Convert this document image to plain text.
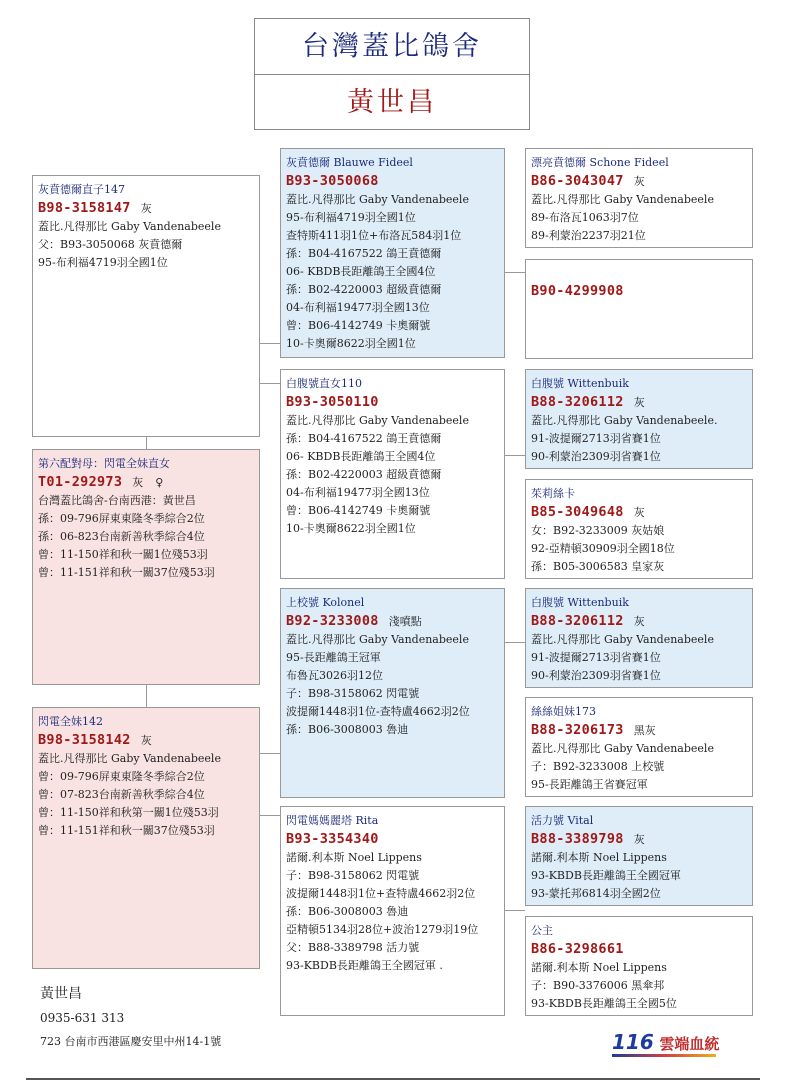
台灣蓋比鴿舍
黃世昌
灰賁德爾直子147
B98-3158147 灰
蓋比.凡得那比 Gaby Vandenabeele
父：B93-3050068 灰賁德爾
95-布利福4719羽全國1位
第六配對母：閃電全妹直女
T01-292973 灰 ♀
台灣蓋比鴿舍-台南西港：黃世昌
孫：09-796屏東東隆冬季綜合2位
孫：06-823台南新善秋季綜合4位
曾：11-150祥和秋一關1位殘53羽
曾：11-151祥和秋一關37位殘53羽
閃電全妹142
B98-3158142 灰
蓋比.凡得那比 Gaby Vandenabeele
曾：09-796屏東東隆冬季綜合2位
曾：07-823台南新善秋季綜合4位
曾：11-150祥和秋第一關1位殘53羽
曾：11-151祥和秋一關37位殘53羽
灰賁德爾 Blauwe Fideel
B93-3050068
蓋比.凡得那比 Gaby Vandenabeele
95-布利福4719羽全國1位
查特斯411羽1位+布洛瓦584羽1位
孫：B04-4167522 鴿王賁德爾
06- KBDB長距離鴿王全國4位
孫：B02-4220003 超級賁德爾
04-布利福19477羽全國13位
曾：B06-4142749 卡奧爾號
10-卡奧爾8622羽全國1位
白腹號直女110
B93-3050110
蓋比.凡得那比 Gaby Vandenabeele
孫：B04-4167522 鴿王賁德爾
06- KBDB長距離鴿王全國4位
孫：B02-4220003 超級賁德爾
04-布利福19477羽全國13位
曾：B06-4142749 卡奧爾號
10-卡奧爾8622羽全國1位
上校號 Kolonel
B92-3233008 淺噴點
蓋比.凡得那比 Gaby Vandenabeele
95-長距離鴿王冠軍
布魯瓦3026羽12位
子：B98-3158062 閃電號
波提爾1448羽1位-查特盧4662羽2位
孫：B06-3008003 魯迪
閃電媽媽麗塔 Rita
B93-3354340
諾爾.利本斯 Noel Lippens
子：B98-3158062 閃電號
波提爾1448羽1位+查特盧4662羽2位
孫：B06-3008003 魯迪
亞精頓5134羽28位+波治1279羽19位
父：B88-3389798 活力號
93-KBDB長距離鴿王全國冠軍 .
漂亮賁德爾 Schone Fideel
B86-3043047 灰
蓋比.凡得那比 Gaby Vandenabeele
89-布洛瓦1063羽7位
89-利蒙治2237羽21位
B90-4299908
白腹號 Wittenbuik
B88-3206112 灰
蓋比.凡得那比 Gaby Vandenabeele.
91-波提爾2713羽省賽1位
90-利蒙治2309羽省賽1位
茱莉絲卡
B85-3049648 灰
女：B92-3233009 灰姑娘
92-亞精頓30909羽全國18位
孫：B05-3006583 皇家灰
白腹號 Wittenbuik
B88-3206112 灰
蓋比.凡得那比 Gaby Vandenabeele
91-波提爾2713羽省賽1位
90-利蒙治2309羽省賽1位
絲絲姐妹173
B88-3206173 黑灰
蓋比.凡得那比 Gaby Vandenabeele
子：B92-3233008 上校號
95-長距離鴿王省賽冠軍
活力號 Vital
B88-3389798 灰
諾爾.利本斯 Noel Lippens
93-KBDB長距離鴿王全國冠軍
93-蒙托邦6814羽全國2位
公主
B86-3298661
諾爾.利本斯 Noel Lippens
子：B90-3376006 黑傘邦
93-KBDB長距離鴿王全國5位
黃世昌
0935-631 313
723 台南市西港區慶安里中州14-1號	116 雲端血統
